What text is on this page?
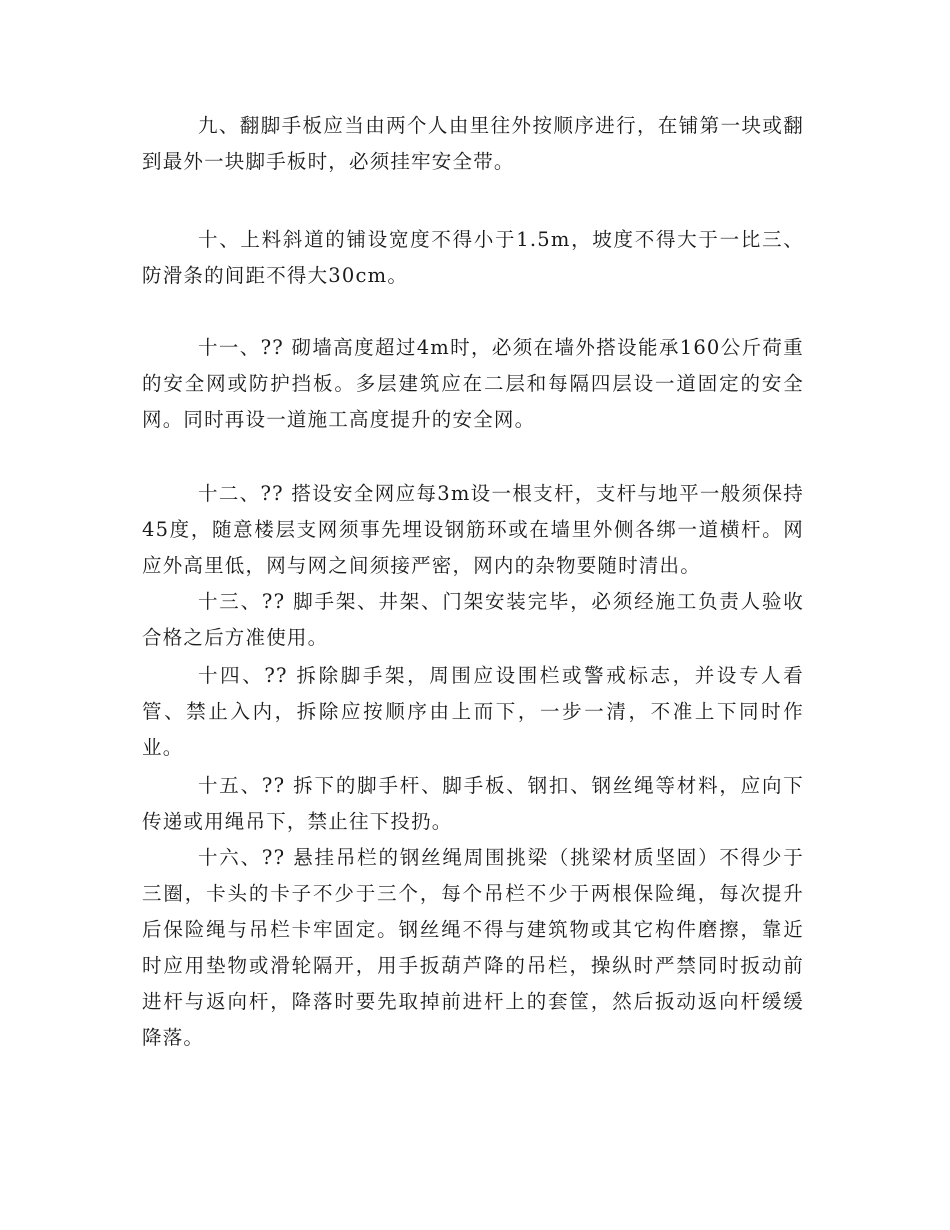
九、翻脚手板应当由两个人由里往外按顺序进行，在铺第一块或翻到最外一块脚手板时，必须挂牢安全带。

十、上料斜道的铺设宽度不得小于1.5m，坡度不得大于一比三、防滑条的间距不得大30cm。

十一、?? 砌墙高度超过4m时，必须在墙外搭设能承160公斤荷重的安全网或防护挡板。多层建筑应在二层和每隔四层设一道固定的安全网。同时再设一道施工高度提升的安全网。

十二、?? 搭设安全网应每3m设一根支杆，支杆与地平一般须保持45度，随意楼层支网须事先埋设钢筋环或在墙里外侧各绑一道横杆。网应外高里低，网与网之间须接严密，网内的杂物要随时清出。

十三、?? 脚手架、井架、门架安装完毕，必须经施工负责人验收合格之后方准使用。

十四、?? 拆除脚手架，周围应设围栏或警戒标志，并设专人看管、禁止入内，拆除应按顺序由上而下，一步一清，不准上下同时作业。

十五、?? 拆下的脚手杆、脚手板、钢扣、钢丝绳等材料，应向下传递或用绳吊下，禁止往下投扔。

十六、?? 悬挂吊栏的钢丝绳周围挑梁（挑梁材质坚固）不得少于三圈，卡头的卡子不少于三个，每个吊栏不少于两根保险绳，每次提升后保险绳与吊栏卡牢固定。钢丝绳不得与建筑物或其它构件磨擦，靠近时应用垫物或滑轮隔开，用手扳葫芦降的吊栏，操纵时严禁同时扳动前进杆与返向杆，降落时要先取掉前进杆上的套筐，然后扳动返向杆缓缓降落。
